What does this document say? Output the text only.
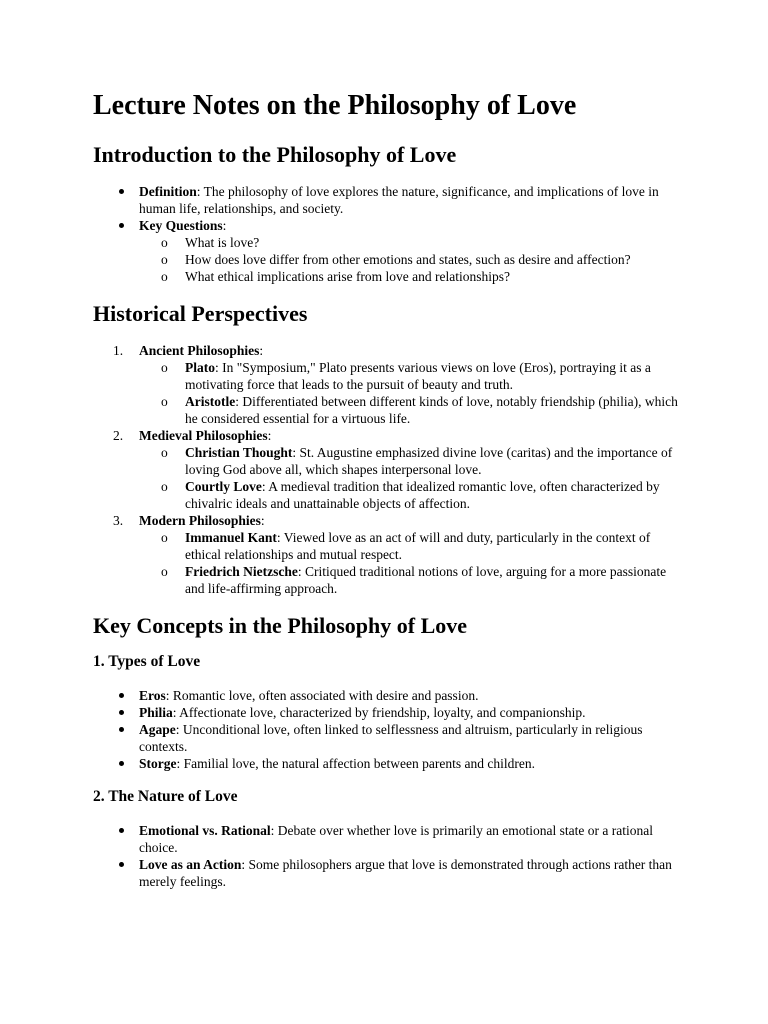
Lecture Notes on the Philosophy of Love
Introduction to the Philosophy of Love
Definition: The philosophy of love explores the nature, significance, and implications of love in human life, relationships, and society.
Key Questions:
o	What is love?
o	How does love differ from other emotions and states, such as desire and affection?
o	What ethical implications arise from love and relationships?
Historical Perspectives
1.	Ancient Philosophies:
o	Plato: In "Symposium," Plato presents various views on love (Eros), portraying it as a motivating force that leads to the pursuit of beauty and truth.
o	Aristotle: Differentiated between different kinds of love, notably friendship (philia), which he considered essential for a virtuous life.
2.	Medieval Philosophies:
o	Christian Thought: St. Augustine emphasized divine love (caritas) and the importance of loving God above all, which shapes interpersonal love.
o	Courtly Love: A medieval tradition that idealized romantic love, often characterized by chivalric ideals and unattainable objects of affection.
3.	Modern Philosophies:
o	Immanuel Kant: Viewed love as an act of will and duty, particularly in the context of ethical relationships and mutual respect.
o	Friedrich Nietzsche: Critiqued traditional notions of love, arguing for a more passionate and life-affirming approach.
Key Concepts in the Philosophy of Love
1. Types of Love
Eros: Romantic love, often associated with desire and passion.
Philia: Affectionate love, characterized by friendship, loyalty, and companionship.
Agape: Unconditional love, often linked to selflessness and altruism, particularly in religious contexts.
Storge: Familial love, the natural affection between parents and children.
2. The Nature of Love
Emotional vs. Rational: Debate over whether love is primarily an emotional state or a rational choice.
Love as an Action: Some philosophers argue that love is demonstrated through actions rather than merely feelings.
